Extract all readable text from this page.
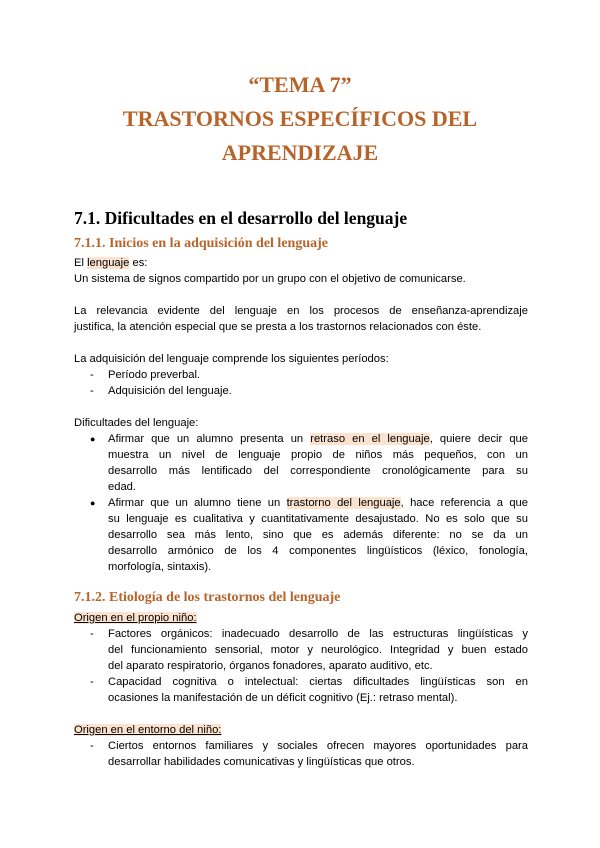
“TEMA 7”
TRASTORNOS ESPECÍFICOS DEL
APRENDIZAJE
7.1. Dificultades en el desarrollo del lenguaje
7.1.1. Inicios en la adquisición del lenguaje
El lenguaje es:
Un sistema de signos compartido por un grupo con el objetivo de comunicarse.
La relevancia evidente del lenguaje en los procesos de enseñanza-aprendizaje
justifica, la atención especial que se presta a los trastornos relacionados con éste.
La adquisición del lenguaje comprende los siguientes períodos:
- Período preverbal.
- Adquisición del lenguaje.
Dificultades del lenguaje:
● Afirmar que un alumno presenta un retraso en el lenguaje, quiere decir que
muestra un nivel de lenguaje propio de niños más pequeños, con un
desarrollo más lentificado del correspondiente cronológicamente para su
edad.
● Afirmar que un alumno tiene un trastorno del lenguaje, hace referencia a que
su lenguaje es cualitativa y cuantitativamente desajustado. No es solo que su
desarrollo sea más lento, sino que es además diferente: no se da un
desarrollo armónico de los 4 componentes lingüísticos (léxico, fonología,
morfología, sintaxis).
7.1.2. Etiología de los trastornos del lenguaje
Origen en el propio niño:
- Factores orgánicos: inadecuado desarrollo de las estructuras lingüísticas y
del funcionamiento sensorial, motor y neurológico. Integridad y buen estado
del aparato respiratorio, órganos fonadores, aparato auditivo, etc.
- Capacidad cognitiva o intelectual: ciertas dificultades lingüísticas son en
ocasiones la manifestación de un déficit cognitivo (Ej.: retraso mental).
Origen en el entorno del niño:
- Ciertos entornos familiares y sociales ofrecen mayores oportunidades para
desarrollar habilidades comunicativas y lingüísticas que otros.
